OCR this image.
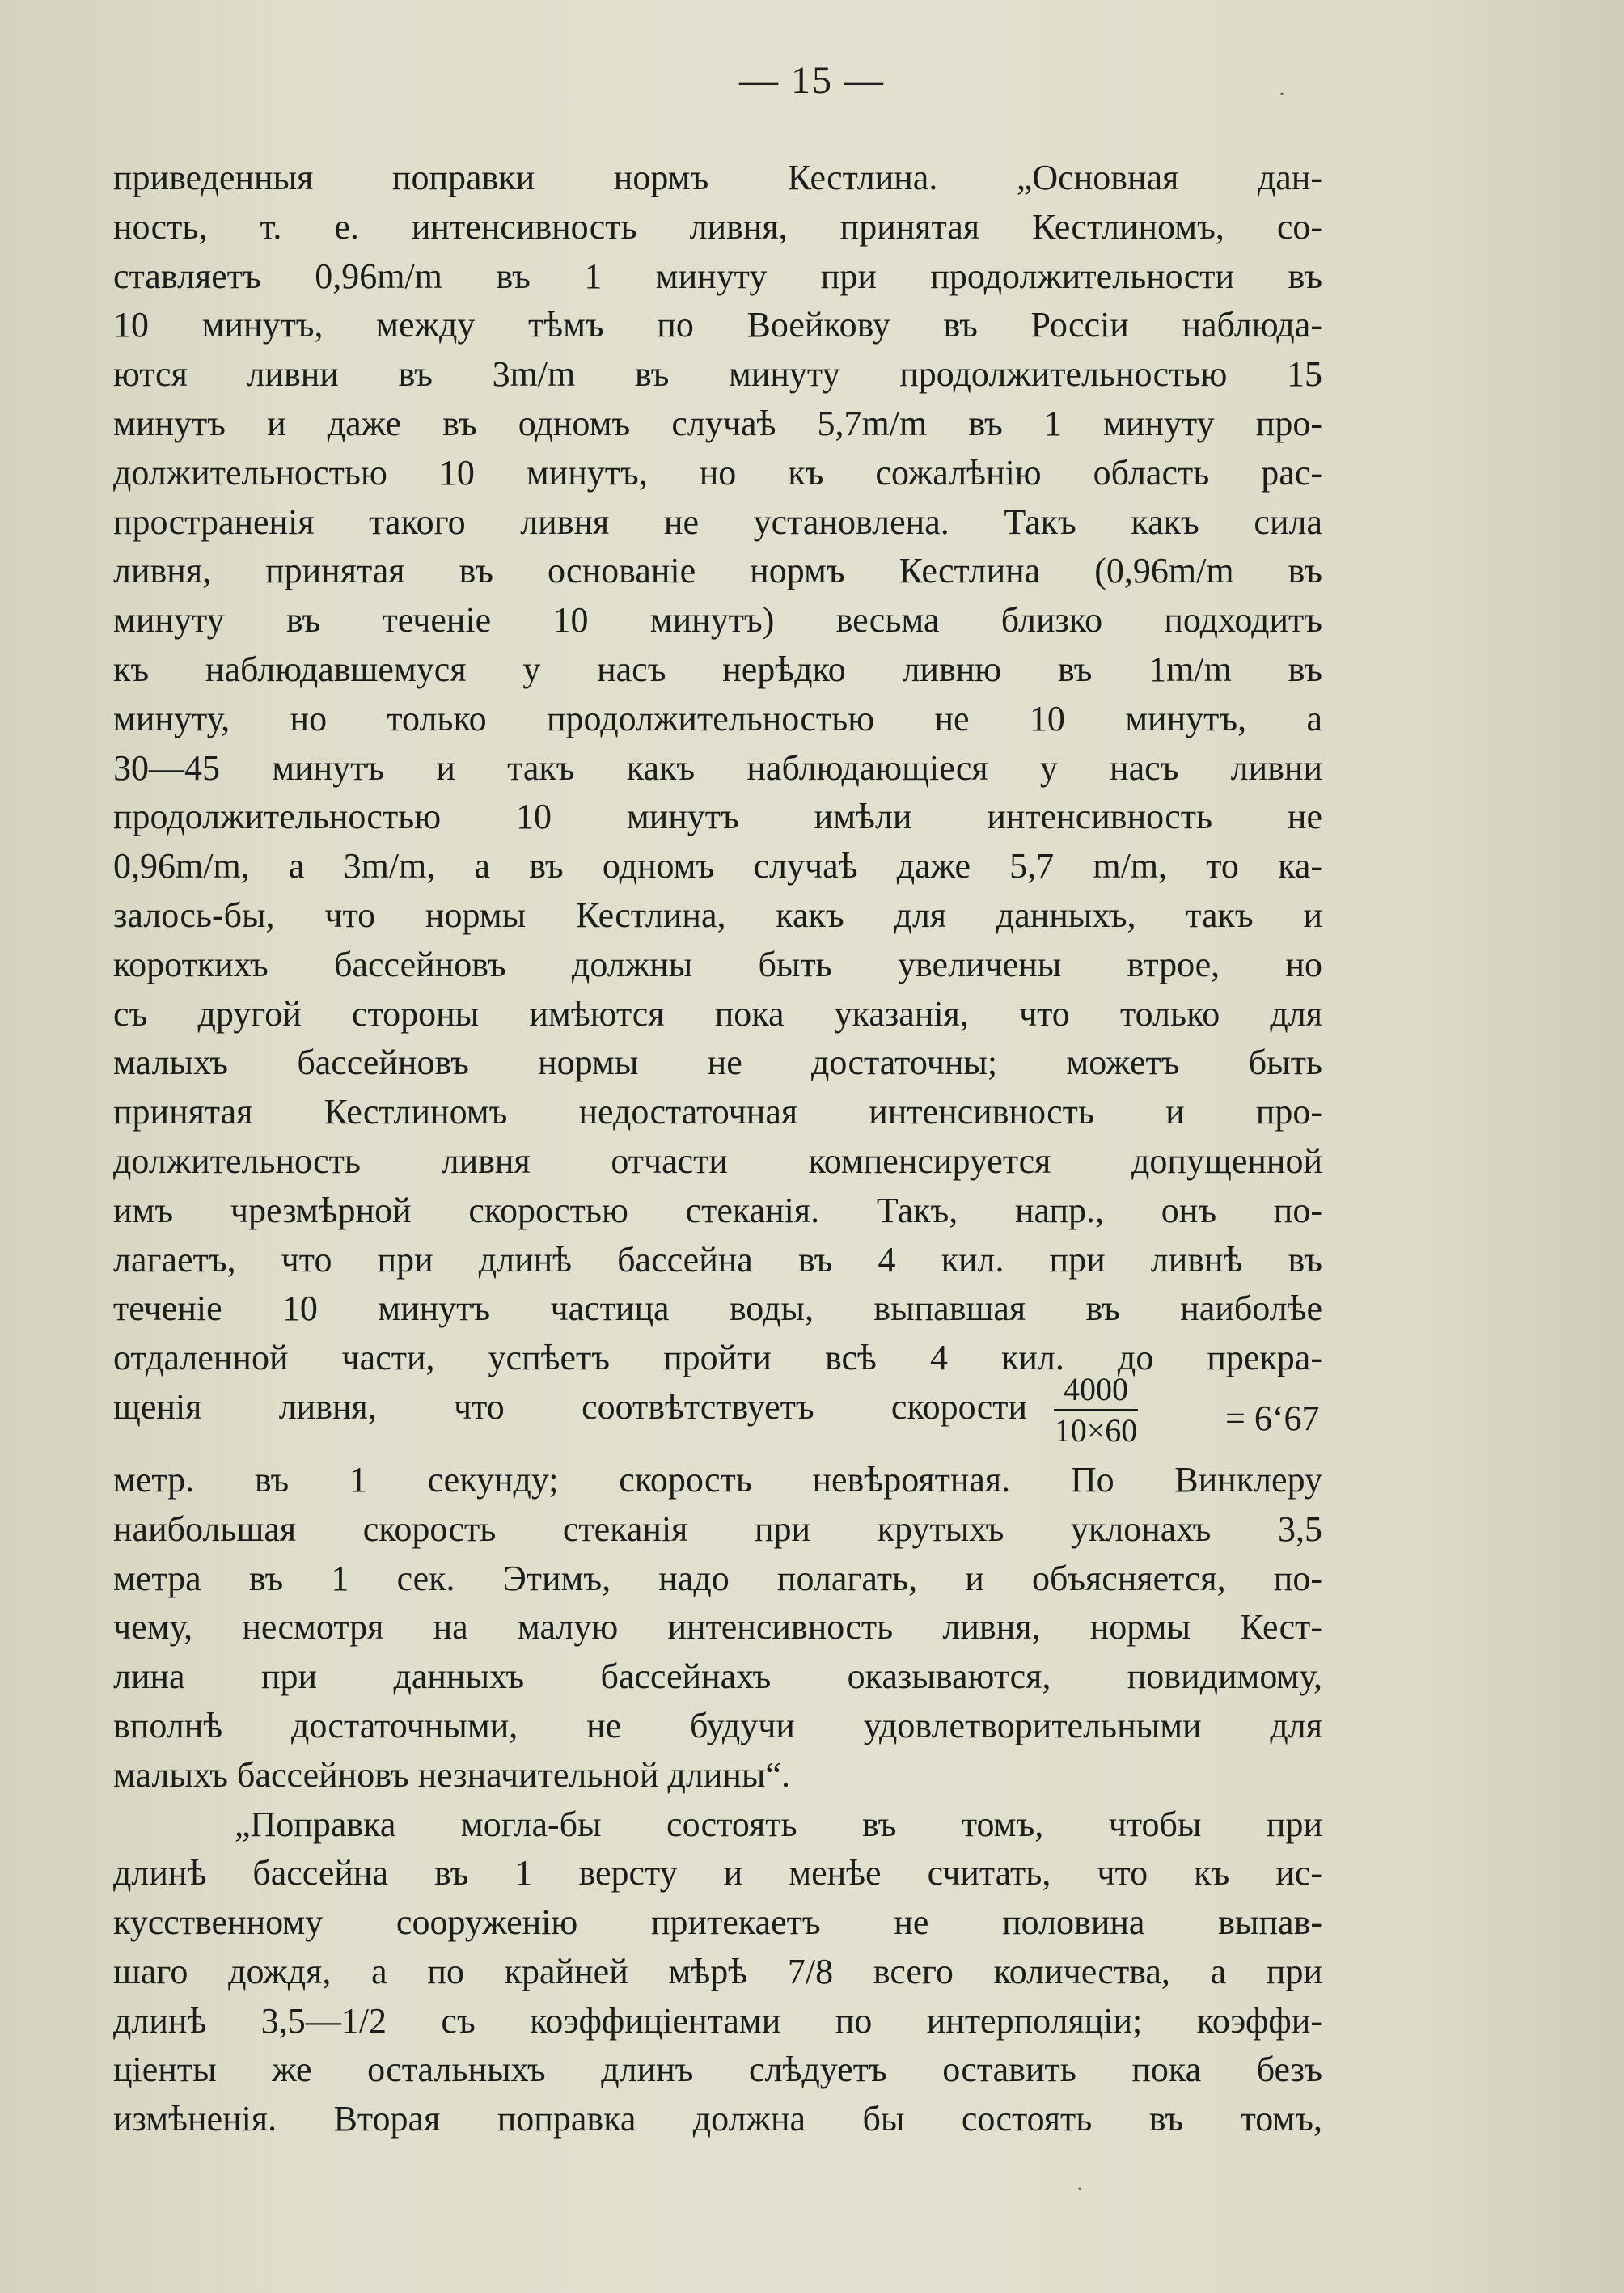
— 15 —
приведенныя поправки нормъ Кестлина. „Основная дан-
ность, т. е. интенсивность ливня, принятая Кестлиномъ, со-
ставляетъ 0,96m/m въ 1 минуту при продолжительности въ
10 минутъ, между тѣмъ по Воейкову въ Россіи наблюда-
ются ливни въ 3m/m въ минуту продолжительностью 15
минутъ и даже въ одномъ случаѣ 5,7m/m въ 1 минуту про-
должительностью 10 минутъ, но къ сожалѣнію область рас-
пространенія такого ливня не установлена. Такъ какъ сила
ливня, принятая въ основаніе нормъ Кестлина (0,96m/m въ
минуту въ теченіе 10 минутъ) весьма близко подходитъ
къ наблюдавшемуся у насъ нерѣдко ливню въ 1m/m въ
минуту, но только продолжительностью не 10 минутъ, а
30—45 минутъ и такъ какъ наблюдающіеся у насъ ливни
продолжительностью 10 минутъ имѣли интенсивность не
0,96m/m, а 3m/m, а въ одномъ случаѣ даже 5,7 m/m, то ка-
залось-бы, что нормы Кестлина, какъ для данныхъ, такъ и
короткихъ бассейновъ должны быть увеличены втрое, но
съ другой стороны имѣются пока указанія, что только для
малыхъ бассейновъ нормы не достаточны; можетъ быть
принятая Кестлиномъ недостаточная интенсивность и про-
должительность ливня отчасти компенсируется допущенной
имъ чрезмѣрной скоростью стеканія. Такъ, напр., онъ по-
лагаетъ, что при длинѣ бассейна въ 4 кил. при ливнѣ въ
теченіе 10 минутъ частица воды, выпавшая въ наиболѣе
отдаленной части, успѣетъ пройти всѣ 4 кил. до прекра-
щенія ливня, что соотвѣтствуетъ скорости $\frac{4000}{10\times 60}$ = 6‘67
метр. въ 1 секунду; скорость невѣроятная. По Винклеру
наибольшая скорость стеканія при крутыхъ уклонахъ 3,5
метра въ 1 сек. Этимъ, надо полагать, и объясняется, по-
чему, несмотря на малую интенсивность ливня, нормы Кест-
лина при данныхъ бассейнахъ оказываются, повидимому,
вполнѣ достаточными, не будучи удовлетворительными для
малыхъ бассейновъ незначительной длины“.
„Поправка могла-бы состоять въ томъ, чтобы при
длинѣ бассейна въ 1 версту и менѣе считать, что къ ис-
кусственному сооруженію притекаетъ не половина выпав-
шаго дождя, а по крайней мѣрѣ 7/8 всего количества, а при
длинѣ 3,5—1/2 съ коэффиціентами по интерполяціи; коэффи-
ціенты же остальныхъ длинъ слѣдуетъ оставить пока безъ
измѣненія. Вторая поправка должна бы состоять въ томъ,
·
·
